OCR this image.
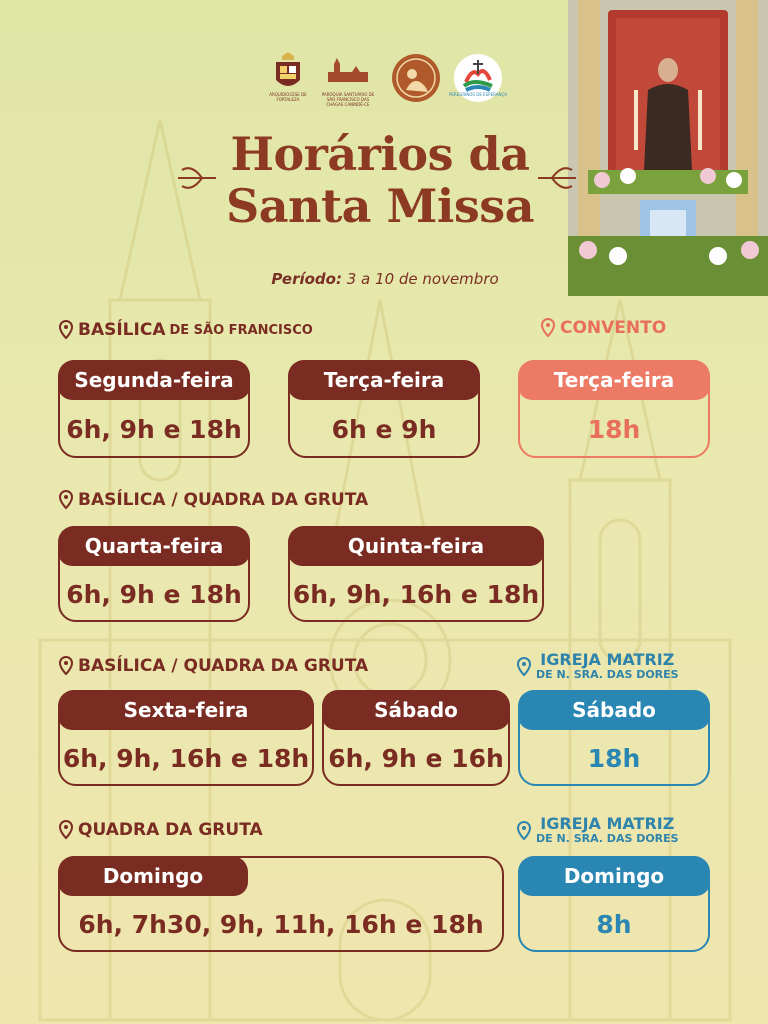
ARQUIDIOCESE DE FORTALEZA
PARÓQUIA SANTUÁRIO DE SÃO FRANCISCO DAS CHAGAS CANINDÉ-CE
PEREGRINOS DE ESPERANÇA
Horários da
Santa Missa
Período: 3 a 10 de novembro
BASÍLICA DE SÃO FRANCISCO	CONVENTO
Segunda-feira
6h, 9h e 18h
Terça-feira
6h e 9h
Terça-feira
18h
BASÍLICA / QUADRA DA GRUTA
Quarta-feira
6h, 9h e 18h
Quinta-feira
6h, 9h, 16h e 18h
BASÍLICA / QUADRA DA GRUTA	IGREJA MATRIZ
DE N. SRA. DAS DORES
Sexta-feira
6h, 9h, 16h e 18h
Sábado
6h, 9h e 16h
Sábado
18h
QUADRA DA GRUTA	IGREJA MATRIZ
DE N. SRA. DAS DORES
Domingo
6h, 7h30, 9h, 11h, 16h e 18h
Domingo
8h
